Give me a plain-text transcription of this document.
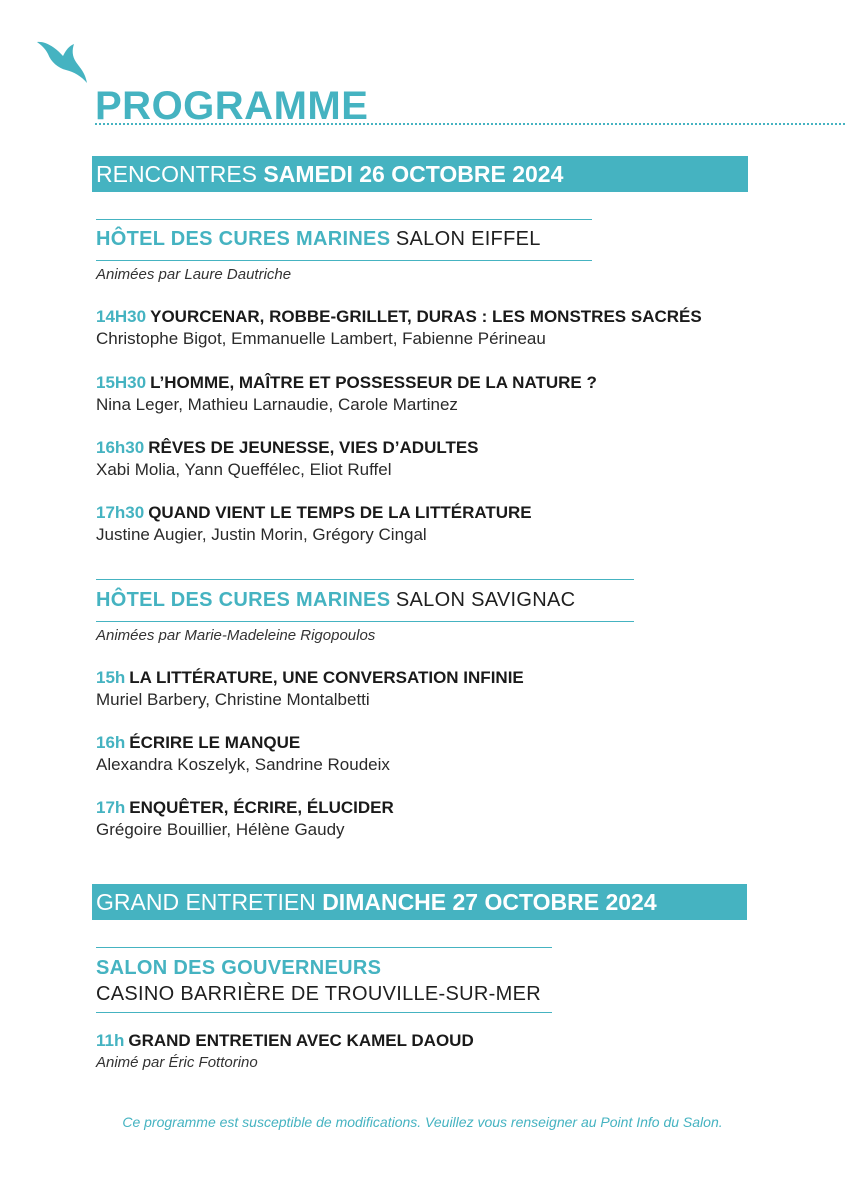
PROGRAMME
RENCONTRES SAMEDI 26 OCTOBRE 2024
HÔTEL DES CURES MARINES SALON EIFFEL
Animées par Laure Dautriche
14H30 YOURCENAR, ROBBE-GRILLET, DURAS : LES MONSTRES SACRÉS
Christophe Bigot, Emmanuelle Lambert, Fabienne Périneau
15H30 L’HOMME, MAÎTRE ET POSSESSEUR DE LA NATURE ?
Nina Leger, Mathieu Larnaudie, Carole Martinez
16h30 RÊVES DE JEUNESSE, VIES D’ADULTES
Xabi Molia, Yann Queffélec, Eliot Ruffel
17h30 QUAND VIENT LE TEMPS DE LA LITTÉRATURE
Justine Augier, Justin Morin, Grégory Cingal
HÔTEL DES CURES MARINES SALON SAVIGNAC
Animées par Marie-Madeleine Rigopoulos
15h LA LITTÉRATURE, UNE CONVERSATION INFINIE
Muriel Barbery, Christine Montalbetti
16h ÉCRIRE LE MANQUE
Alexandra Koszelyk, Sandrine Roudeix
17h ENQUÊTER, ÉCRIRE, ÉLUCIDER
Grégoire Bouillier, Hélène Gaudy
GRAND ENTRETIEN DIMANCHE 27 OCTOBRE 2024
SALON DES GOUVERNEURS
CASINO BARRIÈRE DE TROUVILLE-SUR-MER
11h GRAND ENTRETIEN AVEC KAMEL DAOUD
Animé par Éric Fottorino
Ce programme est susceptible de modifications. Veuillez vous renseigner au Point Info du Salon.
